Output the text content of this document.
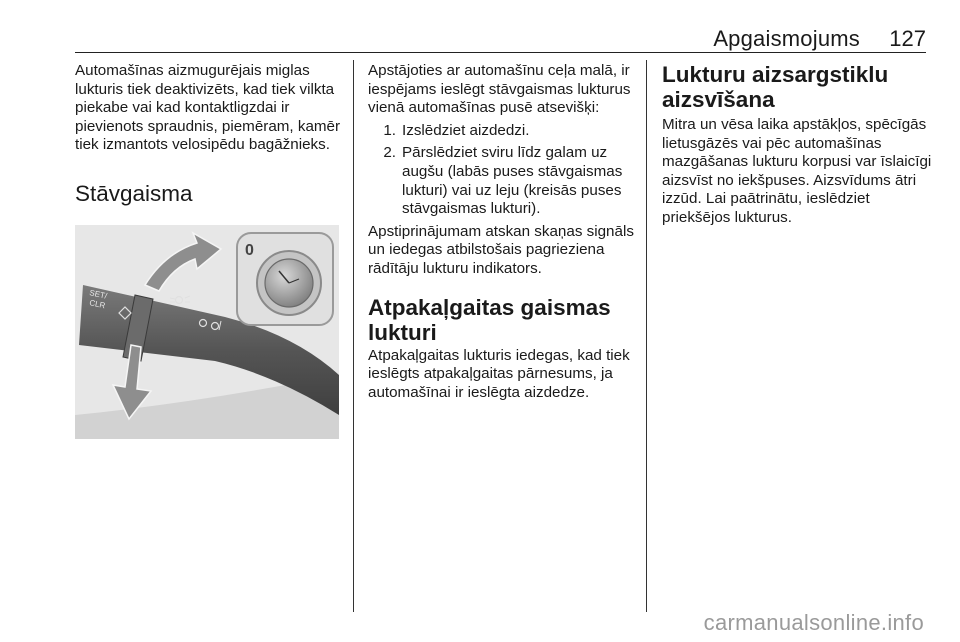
Apgaismojums 127

Automašīnas aizmugurējais miglas lukturis tiek deaktivizēts, kad tiek vilkta piekabe vai kad kontaktligzdai ir pievienots spraudnis, piemēram, kamēr tiek izmantots velosipēdu bagāžnieks.

Stāvgaisma
SET/
CLR
0

Apstājoties ar automašīnu ceļa malā, ir iespējams ieslēgt stāvgaismas lukturus vienā automašīnas pusē atsevišķi:

1. Izslēdziet aizdedzi.
2. Pārslēdziet sviru līdz galam uz augšu (labās puses stāvgaismas lukturi) vai uz leju (kreisās puses stāvgaismas lukturi).

Apstiprinājumam atskan skaņas signāls un iedegas atbilstošais pagrieziena rādītāju lukturu indikators.

Atpakaļgaitas gaismas lukturi

Atpakaļgaitas lukturis iedegas, kad tiek ieslēgts atpakaļgaitas pārnesums, ja automašīnai ir ieslēgta aizdedze.

Lukturu aizsargstiklu aizsvīšana

Mitra un vēsa laika apstākļos, spēcīgās lietusgāzēs vai pēc automašīnas mazgāšanas lukturu korpusi var īslaicīgi aizsvīst no iekšpuses. Aizsvīdums ātri izzūd. Lai paātrinātu, ieslēdziet priekšējos lukturus.

carmanualsonline.info
